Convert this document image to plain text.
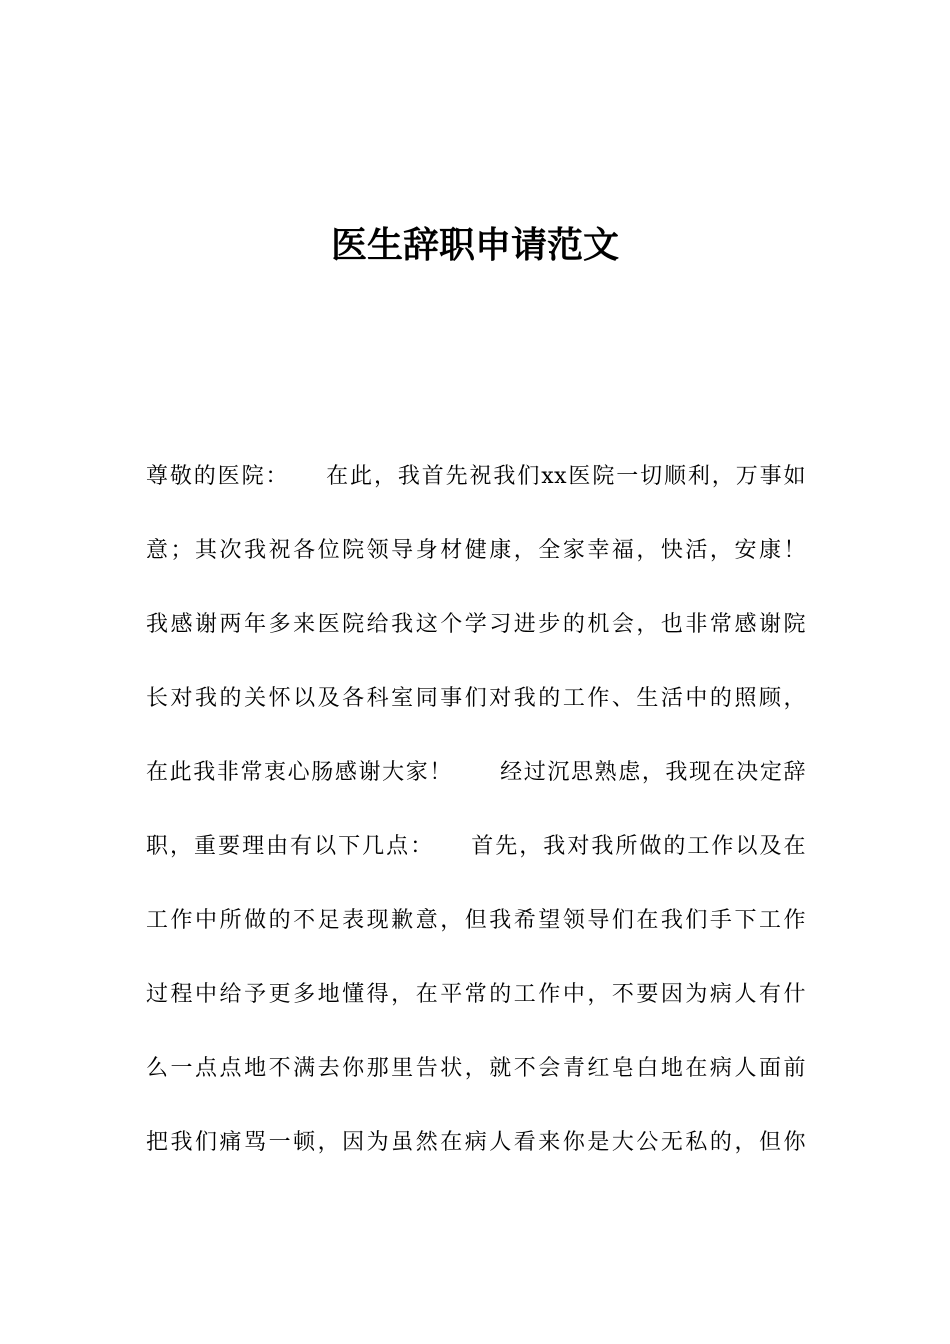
医生辞职申请范文
尊敬的医院：　　在此，我首先祝我们xx医院一切顺利，万事如
意；其次我祝各位院领导身材健康，全家幸福，快活，安康！
我感谢两年多来医院给我这个学习进步的机会，也非常感谢院
长对我的关怀以及各科室同事们对我的工作、生活中的照顾，
在此我非常衷心肠感谢大家！　　经过沉思熟虑，我现在决定辞
职，重要理由有以下几点：　　首先，我对我所做的工作以及在
工作中所做的不足表现歉意，但我希望领导们在我们手下工作
过程中给予更多地懂得，在平常的工作中，不要因为病人有什
么一点点地不满去你那里告状，就不会青红皂白地在病人面前
把我们痛骂一顿，因为虽然在病人看来你是大公无私的，但你
